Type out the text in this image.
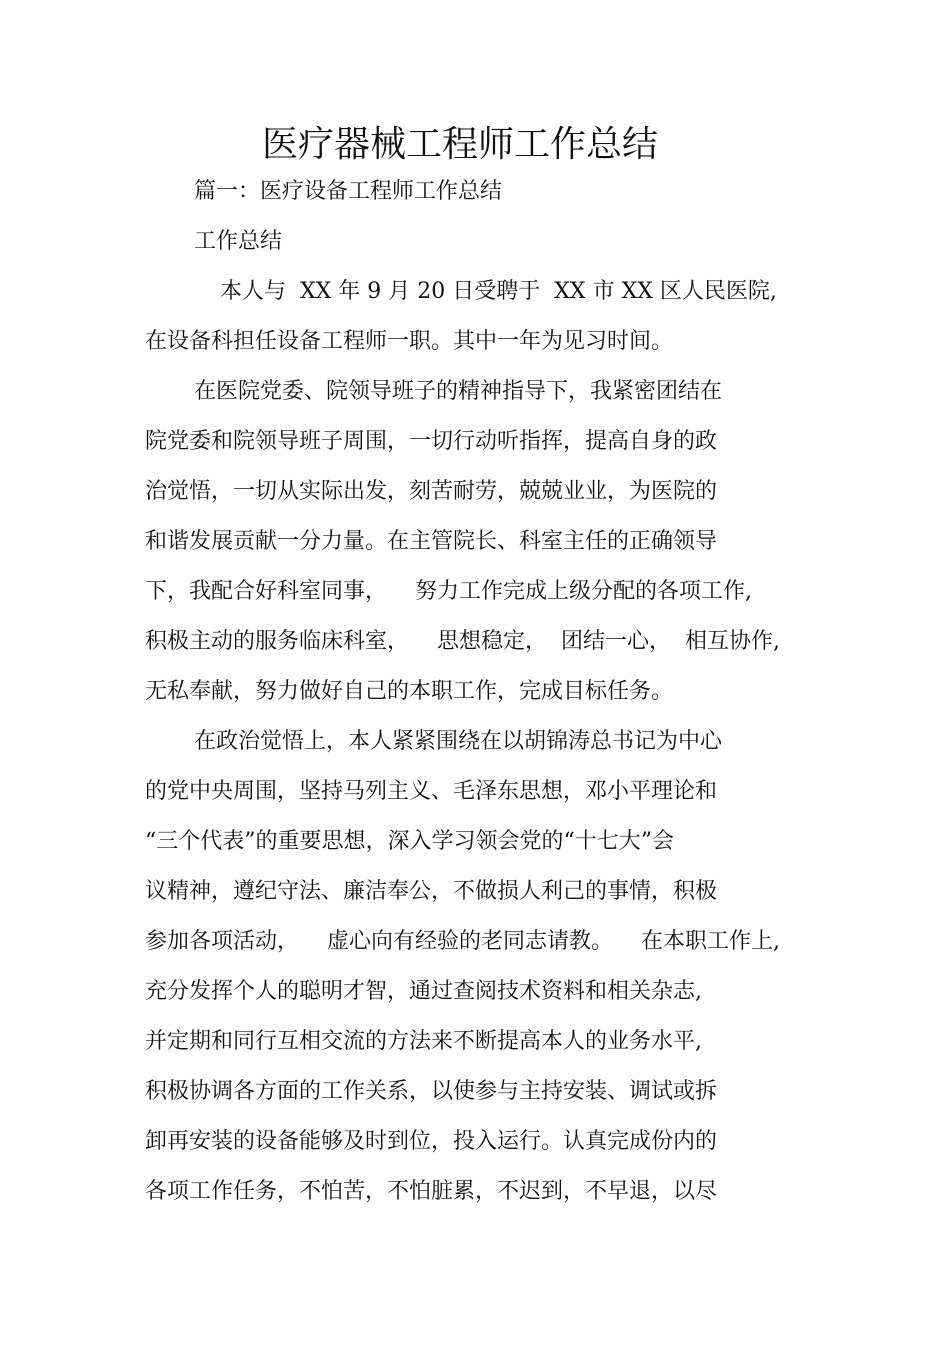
医疗器械工程师工作总结
篇一：医疗设备工程师工作总结
工作总结
本人与  XX 年 9 月 20 日受聘于  XX 市 XX 区人民医院,
在设备科担任设备工程师一职。其中一年为见习时间。
在医院党委、院领导班子的精神指导下，我紧密团结在
院党委和院领导班子周围，一切行动听指挥，提高自身的政
治觉悟，一切从实际出发，刻苦耐劳，兢兢业业，为医院的
和谐发展贡献一分力量。在主管院长、科室主任的正确领导
下，我配合好科室同事，    努力工作完成上级分配的各项工作,
积极主动的服务临床科室，    思想稳定，  团结一心，  相互协作,
无私奉献，努力做好自己的本职工作，完成目标任务。
在政治觉悟上，本人紧紧围绕在以胡锦涛总书记为中心
的党中央周围，坚持马列主义、毛泽东思想，邓小平理论和
“三个代表”的重要思想，深入学习领会党的“十七大”会
议精神，遵纪守法、廉洁奉公，不做损人利己的事情，积极
参加各项活动，    虚心向有经验的老同志请教。    在本职工作上,
充分发挥个人的聪明才智，通过查阅技术资料和相关杂志,
并定期和同行互相交流的方法来不断提高本人的业务水平,
积极协调各方面的工作关系，以使参与主持安装、调试或拆
卸再安装的设备能够及时到位，投入运行。认真完成份内的
各项工作任务，不怕苦，不怕脏累，不迟到，不早退，以尽
